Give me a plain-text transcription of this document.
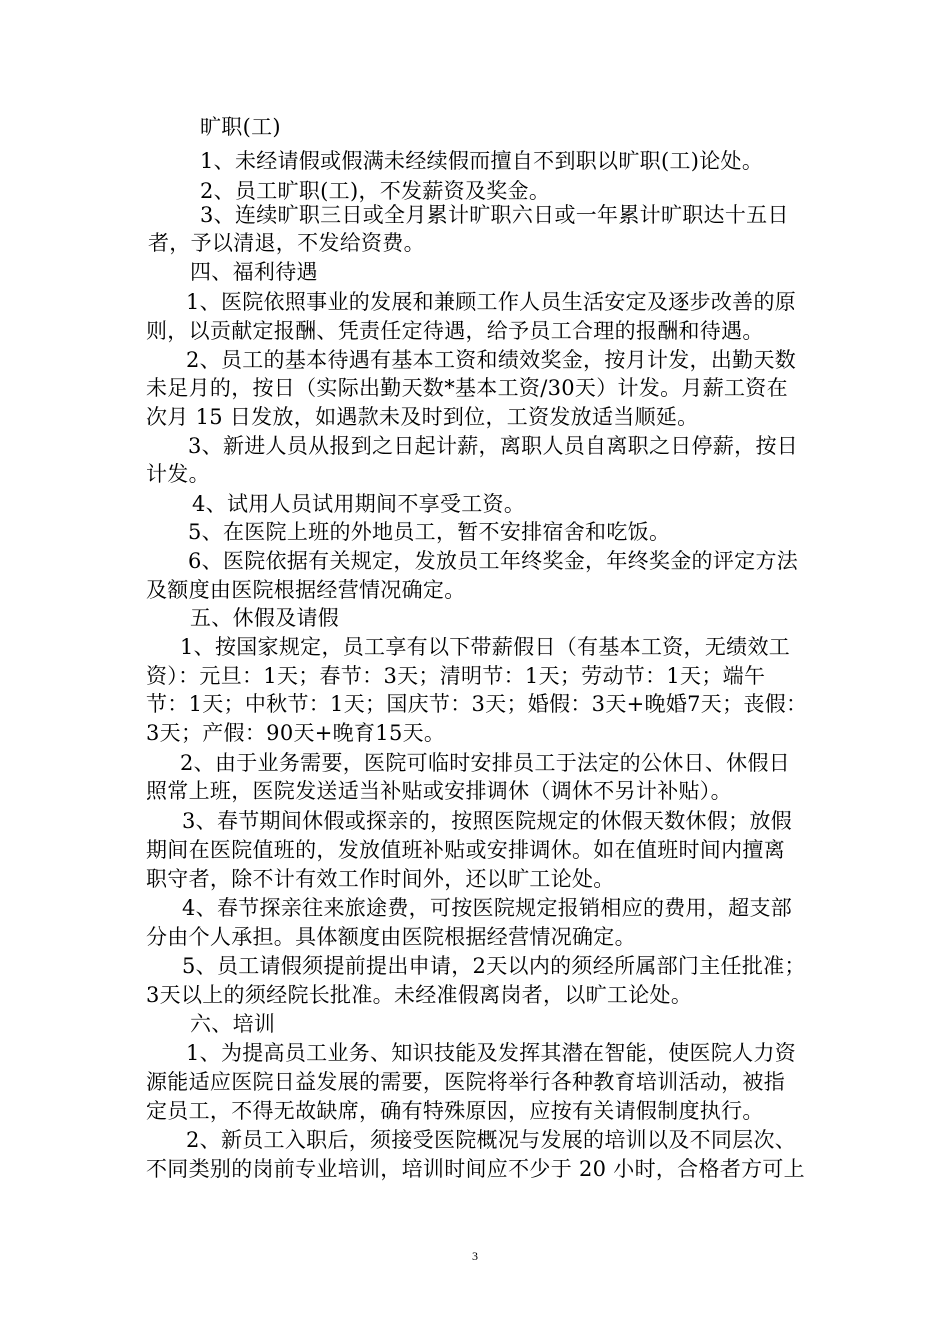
旷职(工)
1、未经请假或假满未经续假而擅自不到职以旷职(工)论处。
2、员工旷职(工)，不发薪资及奖金。
3、连续旷职三日或全月累计旷职六日或一年累计旷职达十五日
者，予以清退，不发给资费。
四、福利待遇
1、医院依照事业的发展和兼顾工作人员生活安定及逐步改善的原
则，以贡献定报酬、凭责任定待遇，给予员工合理的报酬和待遇。
2、员工的基本待遇有基本工资和绩效奖金，按月计发，出勤天数
未足月的，按日（实际出勤天数*基本工资/30天）计发。月薪工资在
次月 15 日发放，如遇款未及时到位，工资发放适当顺延。
3、新进人员从报到之日起计薪，离职人员自离职之日停薪，按日
计发。
4、试用人员试用期间不享受工资。
5、在医院上班的外地员工，暂不安排宿舍和吃饭。
6、医院依据有关规定，发放员工年终奖金，年终奖金的评定方法
及额度由医院根据经营情况确定。
五、休假及请假
1、按国家规定，员工享有以下带薪假日（有基本工资，无绩效工
资）：元旦：1天；春节：3天；清明节：1天；劳动节：1天；端午
节：1天；中秋节：1天；国庆节：3天；婚假：3天+晚婚7天；丧假：
3天；产假：90天+晚育15天。
2、由于业务需要，医院可临时安排员工于法定的公休日、休假日
照常上班，医院发送适当补贴或安排调休（调休不另计补贴）。
3、春节期间休假或探亲的，按照医院规定的休假天数休假；放假
期间在医院值班的，发放值班补贴或安排调休。如在值班时间内擅离
职守者，除不计有效工作时间外，还以旷工论处。
4、春节探亲往来旅途费，可按医院规定报销相应的费用，超支部
分由个人承担。具体额度由医院根据经营情况确定。
5、员工请假须提前提出申请，2天以内的须经所属部门主任批准；
3天以上的须经院长批准。未经准假离岗者，以旷工论处。
六、培训
1、为提高员工业务、知识技能及发挥其潜在智能，使医院人力资
源能适应医院日益发展的需要，医院将举行各种教育培训活动，被指
定员工，不得无故缺席，确有特殊原因，应按有关请假制度执行。
2、新员工入职后，须接受医院概况与发展的培训以及不同层次、
不同类别的岗前专业培训，培训时间应不少于 20 小时，合格者方可上
3
